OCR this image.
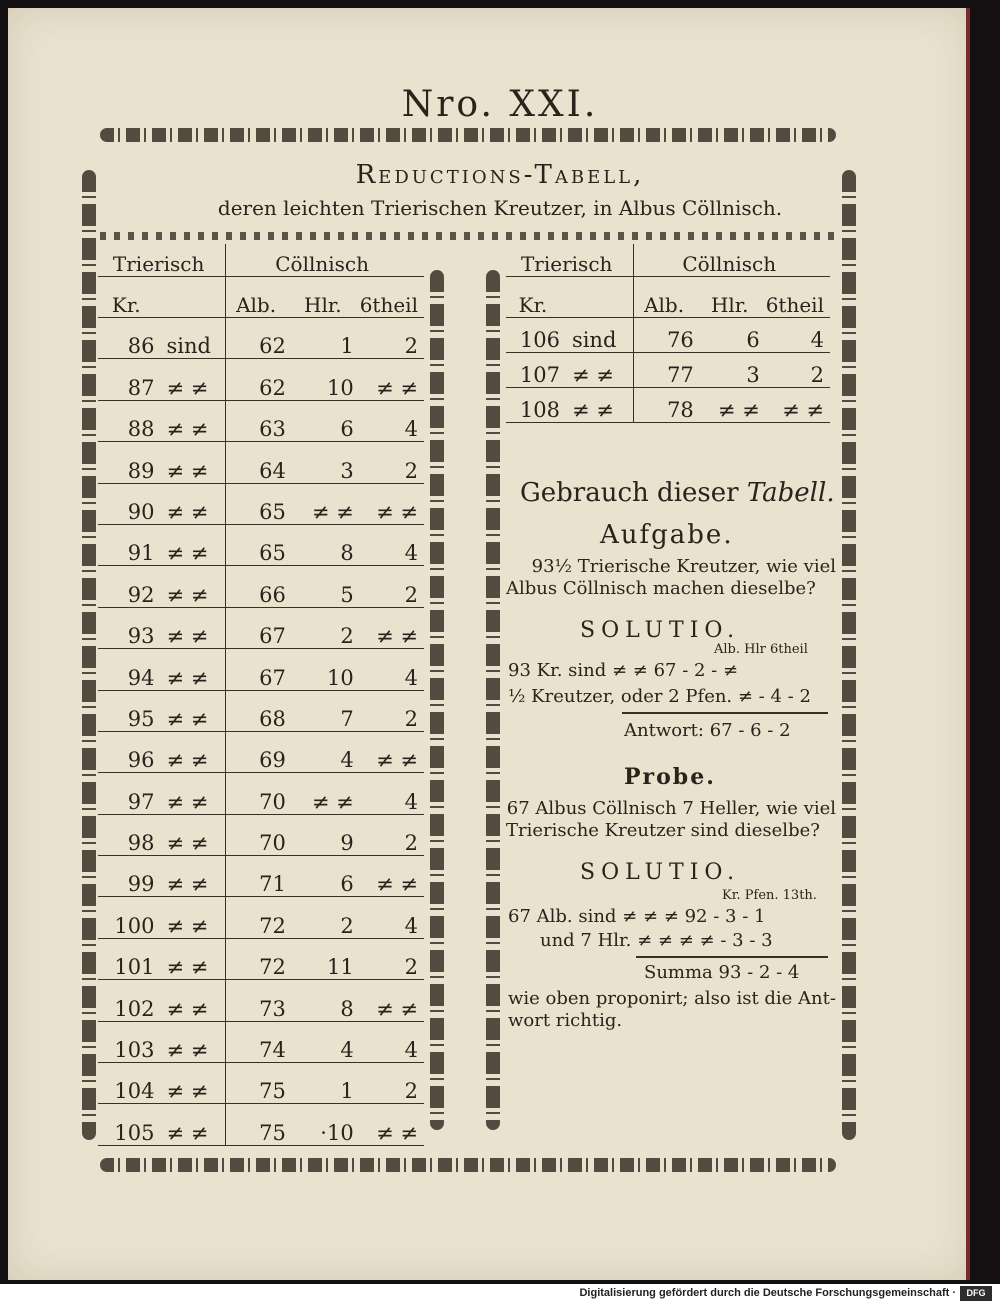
Nro. XXI.
Reductions-Tabell,
deren leichten Trierischen Kreutzer, in Albus Cöllnisch.
Trierisch		Cöllnisch		
Kr.		Alb.	Hlr.	6theil
86	sind	62	1	2
87	≠ ≠	62	10	≠ ≠
88	≠ ≠	63	6	4
89	≠ ≠	64	3	2
90	≠ ≠	65	≠ ≠	≠ ≠
91	≠ ≠	65	8	4
92	≠ ≠	66	5	2
93	≠ ≠	67	2	≠ ≠
94	≠ ≠	67	10	4
95	≠ ≠	68	7	2
96	≠ ≠	69	4	≠ ≠
97	≠ ≠	70	≠ ≠	4
98	≠ ≠	70	9	2
99	≠ ≠	71	6	≠ ≠
100	≠ ≠	72	2	4
101	≠ ≠	72	11	2
102	≠ ≠	73	8	≠ ≠
103	≠ ≠	74	4	4
104	≠ ≠	75	1	2
105	≠ ≠	75	·10	≠ ≠
Trierisch		Cöllnisch		
Kr.		Alb.	Hlr.	6theil
106	sind	76	6	4
107	≠ ≠	77	3	2
108	≠ ≠	78	≠ ≠	≠ ≠
Gebrauch dieser Tabell.
Aufgabe.
93½ Trierische Kreutzer, wie viel
Albus Cöllnisch machen dieselbe?
SOLUTIO.
Alb. Hlr 6theil
93 Kr. sind ≠ ≠ 67 - 2 - ≠
½ Kreutzer, oder 2 Pfen. ≠ - 4 - 2
Antwort: 67 - 6 - 2
Probe.
67 Albus Cöllnisch 7 Heller, wie viel
Trierische Kreutzer sind dieselbe?
SOLUTIO.
Kr. Pfen. 13th.
67 Alb. sind ≠ ≠ ≠ 92 - 3 - 1
und 7 Hlr. ≠ ≠ ≠ ≠ - 3 - 3
Summa 93 - 2 - 4
wie oben proponirt; also ist die Ant-
wort richtig.
Digitalisierung gefördert durch die Deutsche Forschungsgemeinschaft ·	DFG
